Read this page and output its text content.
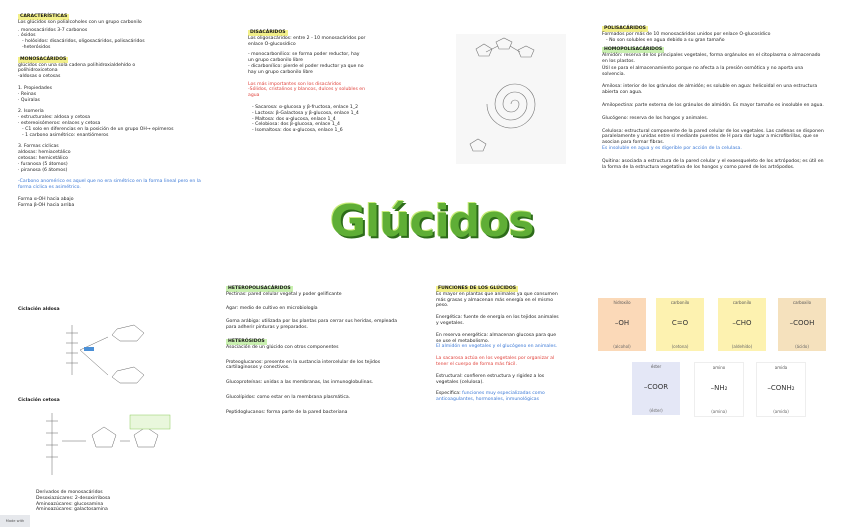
CARACTERÍSTICAS

Los glúcidos son polialcoholes con un grupo carbonilo

. monosacáridos 3-7 carbonos

. ósidos

- holósidos: disacáridos, oligosacáridos, polisacáridos

-heterósidos

MONOSACÁRIDOS

glúcidos con una sola cadena polihidroxialdehído o

polihidroxicetona

-aldosas o cetosas

1. Propiedades

· Reinas

· Quiralas

2. Isomería

· estructurales: aldosa y cetosa

· estereoisómeros: enlaces y cetosa

- C1 solo en diferencias en la posición de un grupo OH→ epímeros

- 1 carbono asimétrico: enantiómeros

3. Formas cíclicas

aldosas: hemiacetálico

cetosas: hemicetálico

· furanosa (5 átomos)

· piranosa (6 átomos)

-Carbono anomérico es aquel que no era simétrico en la forma lineal pero en la forma cíclica es asimétrico.

Forma α-OH hacia abajo

Forma β-OH hacia arriba

Ciclación aldosa
Ciclación cetosa

Derivados de monosacáridos

Desoxiazúcares: 2-desoxirribosa

Aminoazúcares: glucosamina

Aminoazúcares: galactosamina

Made with
DISACÁRIDOS

Los oligosacáridos: entre 2 - 10 monosacáridos por

enlace O-glucosídico

- monocarbonílico: se forma poder reductor, hay

un grupo carbonilo libre

- dicarbonílico: pierde el poder reductor ya que no

hay un grupo carbonilo libre

Los más importantes son los disacáridos

-Sólidos, cristalinos y blancos, dulces y solubles en

agua

- Sacarosa: α-glucosa y β-fructosa, enlace 1_2

- Lactosa: β-Galactosa y β-glucosa, enlace 1_4

- Maltosa: dos α-glucosa, enlace 1_4

- Celobiosa: dos β-glucosa, enlace 1_4

- Isomaltosa: dos α-glucosa, enlace 1_6

POLISACÁRIDOS

Formados por más de 10 monosacáridos unidos por enlace O-glucosídico

- No son solubles en agua debido a su gran tamaño

HOMOPOLISACÁRIDOS

Almidón: reserva de los principales vegetales, forma orgánulos en el citoplasma o almacenado en los plastos.

Útil se para el almacenamiento porque no afecta a la presión osmótica y no aporta una solvencia.

Amilosa: interior de los gránulos de almidón; es soluble en agua: helicoidal en una estructura abierta con agua.

Amilopectina: parte externa de los gránulos de almidón. Es mayor tamaño es insoluble en agua.

Glucógeno: reserva de los hongos y animales.

Celulosa: estructural componente de la pared celular de los vegetales. Las cadenas se disponen paralelamente y unidas entre sí mediante puentes de H para dar lugar a microfibrillas, que se asocian para formar fibras.

Es insoluble en agua y es digerible por acción de la celulasa.

Quitina: asociada a estructura de la pared celular y el exoesqueleto de los artrópodos; es útil en la forma de la estructura vegetativa de los hongos y como pared de los artrópodos.

Glúcidos
HETEROPOLISACÁRIDOS

Pectinas: pared celular vegetal y poder gelificante

Agar: medio de cultivo en microbiología

Goma arábiga: utilizada por las plantas para cerrar sus heridas, empleada para adherir pinturas y preparados.

HETERÓSIDOS

Asociación de un glúcido con otros componentes

Proteoglucanos: presente en la sustancia intercelular de los tejidos cartilaginosos y conectivos.

Glucoproteínas: unidas a las membranas, las inmunoglobulinas.

Glucolípidos: como estar en la membrana plasmática.

Peptidoglucanos: forma parte de la pared bacteriana

FUNCIONES DE LOS GLÚCIDOS

Es mayor en plantas que animales ya que consumen más grasas y almacenan más energía en el mismo peso.

Energética: fuente de energía en los tejidos animales y vegetales.

En reserva energética: almacenan glucosa para que se use el metabolismo.

El almidón en vegetales y el glucógeno en animales.

La sacarosa actúa en los vegetales por organizar al tener el cuerpo de forma más fácil.

Estructural: confieren estructura y rigidez a los vegetales (celulosa).

Específica: funciones muy especializadas como anticoagulantes, hormonales, inmunológicas

hidroxilo
–OH
(alcohol)
carbonilo
C=O
(cetona)
carbonilo
–CHO
(aldehído)
carboxilo
–COOH
(ácido)
éster
–COOR
(éster)
amino
–NH₂
(amina)
amida
–CONH₂
(amida)
